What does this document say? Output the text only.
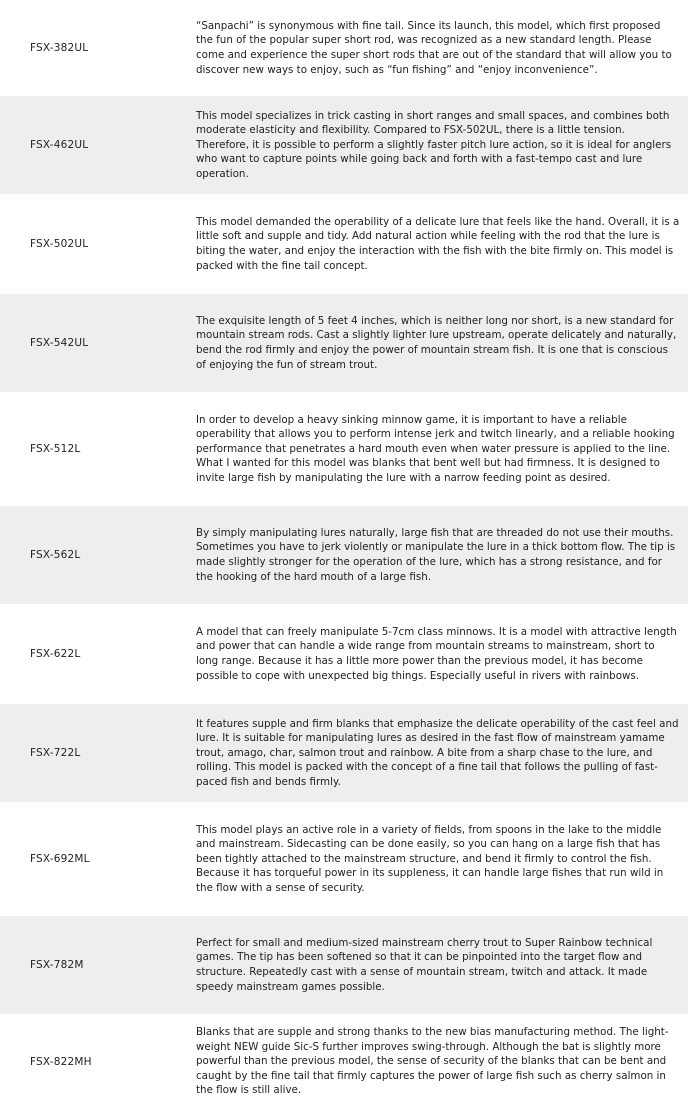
FSX-382UL	“Sanpachi” is synonymous with fine tail. Since its launch, this model, which first proposed the fun of the popular super short rod, was recognized as a new standard length. Please come and experience the super short rods that are out of the standard that will allow you to discover new ways to enjoy, such as “fun fishing” and “enjoy inconvenience”.
FSX-462UL	This model specializes in trick casting in short ranges and small spaces, and combines both moderate elasticity and flexibility. Compared to FSX-502UL, there is a little tension. Therefore, it is possible to perform a slightly faster pitch lure action, so it is ideal for anglers who want to capture points while going back and forth with a fast-tempo cast and lure operation.
FSX-502UL	This model demanded the operability of a delicate lure that feels like the hand. Overall, it is a little soft and supple and tidy. Add natural action while feeling with the rod that the lure is biting the water, and enjoy the interaction with the fish with the bite firmly on. This model is packed with the fine tail concept.
FSX-542UL	The exquisite length of 5 feet 4 inches, which is neither long nor short, is a new standard for mountain stream rods. Cast a slightly lighter lure upstream, operate delicately and naturally, bend the rod firmly and enjoy the power of mountain stream fish. It is one that is conscious of enjoying the fun of stream trout.
FSX-512L	In order to develop a heavy sinking minnow game, it is important to have a reliable operability that allows you to perform intense jerk and twitch linearly, and a reliable hooking performance that penetrates a hard mouth even when water pressure is applied to the line. What I wanted for this model was blanks that bent well but had firmness. It is designed to invite large fish by manipulating the lure with a narrow feeding point as desired.
FSX-562L	By simply manipulating lures naturally, large fish that are threaded do not use their mouths. Sometimes you have to jerk violently or manipulate the lure in a thick bottom flow. The tip is made slightly stronger for the operation of the lure, which has a strong resistance, and for the hooking of the hard mouth of a large fish.
FSX-622L	A model that can freely manipulate 5-7cm class minnows. It is a model with attractive length and power that can handle a wide range from mountain streams to mainstream, short to long range. Because it has a little more power than the previous model, it has become possible to cope with unexpected big things. Especially useful in rivers with rainbows.
FSX-722L	It features supple and firm blanks that emphasize the delicate operability of the cast feel and lure. It is suitable for manipulating lures as desired in the fast flow of mainstream yamame trout, amago, char, salmon trout and rainbow. A bite from a sharp chase to the lure, and rolling. This model is packed with the concept of a fine tail that follows the pulling of fast-paced fish and bends firmly.
FSX-692ML	This model plays an active role in a variety of fields, from spoons in the lake to the middle and mainstream. Sidecasting can be done easily, so you can hang on a large fish that has been tightly attached to the mainstream structure, and bend it firmly to control the fish. Because it has torqueful power in its suppleness, it can handle large fishes that run wild in the flow with a sense of security.
FSX-782M	Perfect for small and medium-sized mainstream cherry trout to Super Rainbow technical games. The tip has been softened so that it can be pinpointed into the target flow and structure. Repeatedly cast with a sense of mountain stream, twitch and attack. It made speedy mainstream games possible.
FSX-822MH	Blanks that are supple and strong thanks to the new bias manufacturing method. The light-weight NEW guide Sic-S further improves swing-through. Although the bat is slightly more powerful than the previous model, the sense of security of the blanks that can be bent and caught by the fine tail that firmly captures the power of large fish such as cherry salmon in the flow is still alive.
